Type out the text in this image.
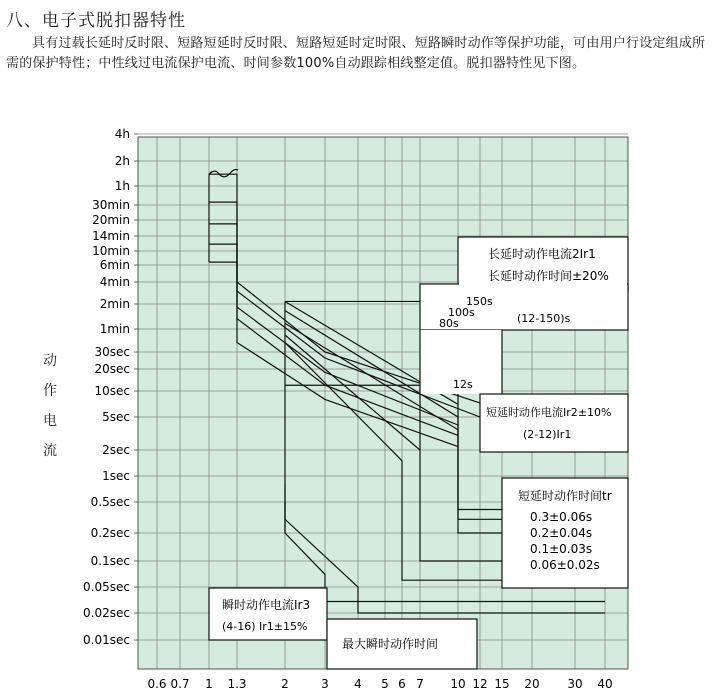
八、电子式脱扣器特性
具有过载长延时反时限、短路短延时反时限、短路短延时定时限、短路瞬时动作等保护功能，可由用户行设定组成所需的保护特性；中性线过电流保护电流、时间参数100%自动跟踪相线整定值。脱扣器特性见下图。
动
作
电
流
0.6 0.7 1 1.3	2	3 4 5 6 7 10 12 15 20 30 40
4h
2h
1h
30min
20min
14min
10min
6min
4min
2min
1min
30sec
20sec
10sec
5sec
2sec
1sec
0.5sec
0.2sec
0.1sec
0.05sec
0.02sec
0.01sec
长延时动作电流2Ir1
长延时动作时间±20%
150s
100s
80s	(12-150)s
12s
短延时动作电流Ir2±10%
(2-12)Ir1
短延时动作时间tr
0.3±0.06s
0.2±0.04s
0.1±0.03s
0.06±0.02s
瞬时动作电流Ir3
(4-16) Ir1±15%
最大瞬时动作时间
